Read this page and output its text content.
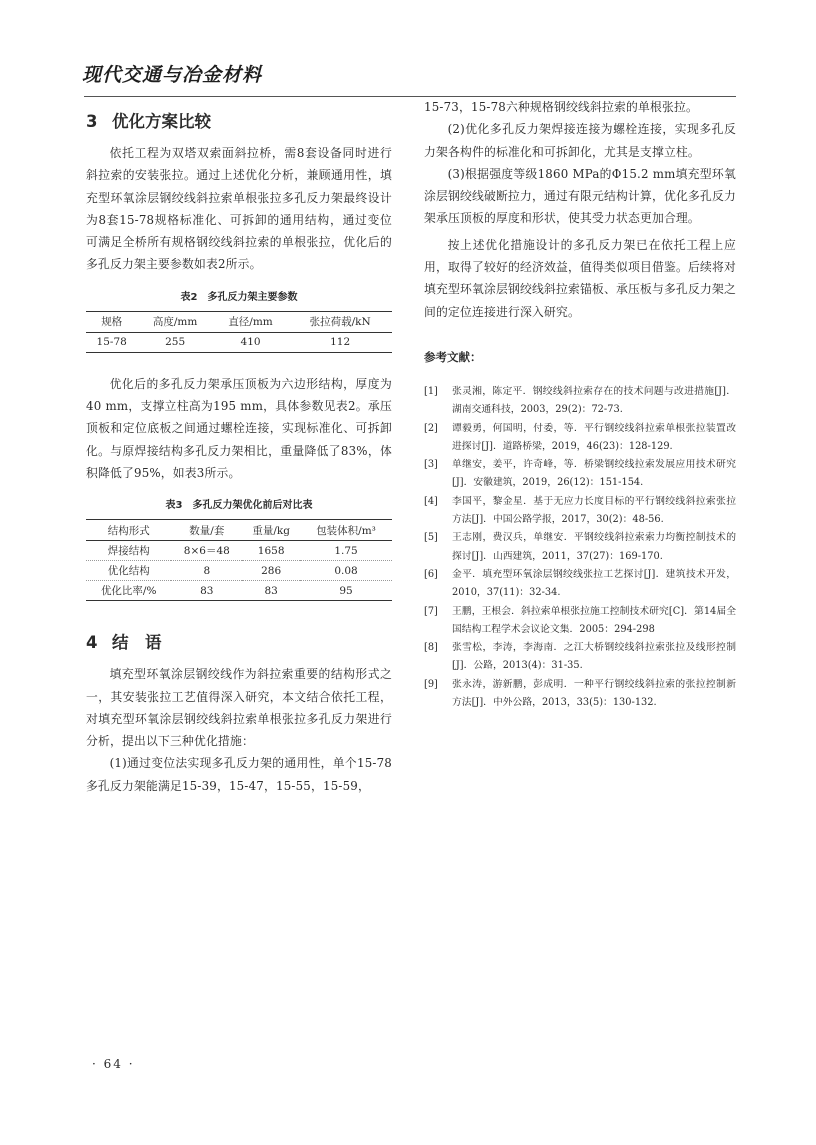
现代交通与冶金材料
3 优化方案比较

依托工程为双塔双索面斜拉桥，需8套设备同时进行斜拉索的安装张拉。通过上述优化分析，兼顾通用性，填充型环氧涂层钢绞线斜拉索单根张拉多孔反力架最终设计为8套15-78规格标准化、可拆卸的通用结构，通过变位可满足全桥所有规格钢绞线斜拉索的单根张拉，优化后的多孔反力架主要参数如表2所示。

表2　多孔反力架主要参数

规格	高度/mm	直径/mm	张拉荷载/kN
15-78	255	410	112

优化后的多孔反力架承压顶板为六边形结构，厚度为40 mm，支撑立柱高为195 mm，具体参数见表2。承压顶板和定位底板之间通过螺栓连接，实现标准化、可拆卸化。与原焊接结构多孔反力架相比，重量降低了83%，体积降低了95%，如表3所示。

表3　多孔反力架优化前后对比表

结构形式	数量/套	重量/kg	包装体积/m³
焊接结构	8×6＝48	1658	1.75
优化结构	8	286	0.08
优化比率/%	83	83	95
4 结　语

填充型环氧涂层钢绞线作为斜拉索重要的结构形式之一，其安装张拉工艺值得深入研究，本文结合依托工程，对填充型环氧涂层钢绞线斜拉索单根张拉多孔反力架进行分析，提出以下三种优化措施：

(1)通过变位法实现多孔反力架的通用性，单个15-78多孔反力架能满足15-39，15-47，15-55，15-59，

15-73，15-78六种规格钢绞线斜拉索的单根张拉。

(2)优化多孔反力架焊接连接为螺栓连接，实现多孔反力架各构件的标准化和可拆卸化，尤其是支撑立柱。

(3)根据强度等级1860 MPa的Φ15.2 mm填充型环氧涂层钢绞线破断拉力，通过有限元结构计算，优化多孔反力架承压顶板的厚度和形状，使其受力状态更加合理。

按上述优化措施设计的多孔反力架已在依托工程上应用，取得了较好的经济效益，值得类似项目借鉴。后续将对填充型环氧涂层钢绞线斜拉索锚板、承压板与多孔反力架之间的定位连接进行深入研究。

参考文献：

[1]	张灵湘，陈定平．钢绞线斜拉索存在的技术问题与改进措施[J]．湖南交通科技，2003，29(2)：72-73.
[2]	谭毅勇，何国明，付委，等．平行钢绞线斜拉索单根张拉装置改进探讨[J]．道路桥梁，2019，46(23)：128-129.
[3]	单继安，姜平，许奇峰，等．桥梁钢绞线拉索发展应用技术研究[J]．安徽建筑，2019，26(12)：151-154.
[4]	李国平，黎金星．基于无应力长度目标的平行钢绞线斜拉索张拉方法[J]．中国公路学报，2017，30(2)：48-56.
[5]	王志刚，费汉兵，单继安．平钢绞线斜拉索索力均衡控制技术的探讨[J]．山西建筑，2011，37(27)：169-170.
[6]	金平．填充型环氧涂层钢绞线张拉工艺探讨[J]．建筑技术开发，2010，37(11)：32-34.
[7]	王鹏，王根会．斜拉索单根张拉施工控制技术研究[C]．第14届全国结构工程学术会议论文集．2005：294-298
[8]	张雪松，李涛，李海南．之江大桥钢绞线斜拉索张拉及线形控制[J]．公路，2013(4)：31-35.
[9]	张永涛，游新鹏，彭成明．一种平行钢绞线斜拉索的张拉控制新方法[J]．中外公路，2013，33(5)：130-132.
· 64 ·
